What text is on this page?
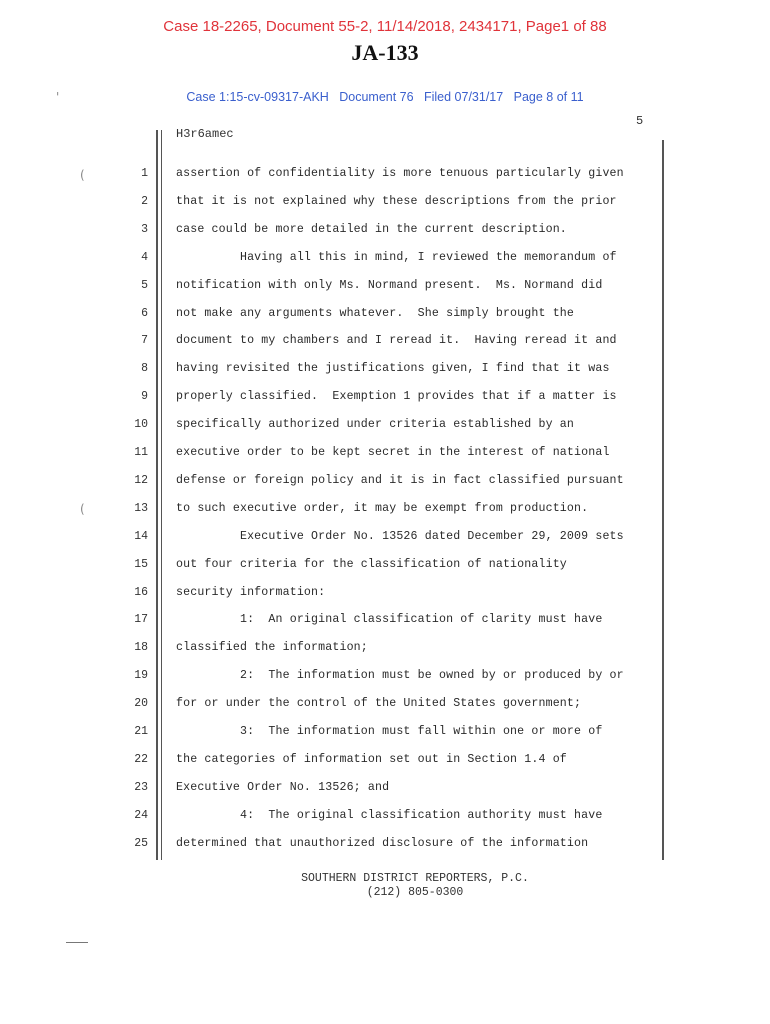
Case 18-2265, Document 55-2, 11/14/2018, 2434171, Page1 of 88
JA-133
Case 1:15-cv-09317-AKH   Document 76   Filed 07/31/17   Page 8 of 11
5
H3r6amec
'
(
(
1 assertion of confidentiality is more tenuous particularly given
2 that it is not explained why these descriptions from the prior
3 case could be more detailed in the current description.
4 Having all this in mind, I reviewed the memorandum of
5 notification with only Ms. Normand present.  Ms. Normand did
6 not make any arguments whatever.  She simply brought the
7 document to my chambers and I reread it.  Having reread it and
8 having revisited the justifications given, I find that it was
9 properly classified.  Exemption 1 provides that if a matter is
10 specifically authorized under criteria established by an
11 executive order to be kept secret in the interest of national
12 defense or foreign policy and it is in fact classified pursuant
13 to such executive order, it may be exempt from production.
14 Executive Order No. 13526 dated December 29, 2009 sets
15 out four criteria for the classification of nationality
16 security information:
17 1:  An original classification of clarity must have
18 classified the information;
19 2:  The information must be owned by or produced by or
20 for or under the control of the United States government;
21 3:  The information must fall within one or more of
22 the categories of information set out in Section 1.4 of
23 Executive Order No. 13526; and
24 4:  The original classification authority must have
25 determined that unauthorized disclosure of the information
SOUTHERN DISTRICT REPORTERS, P.C.
(212) 805-0300
